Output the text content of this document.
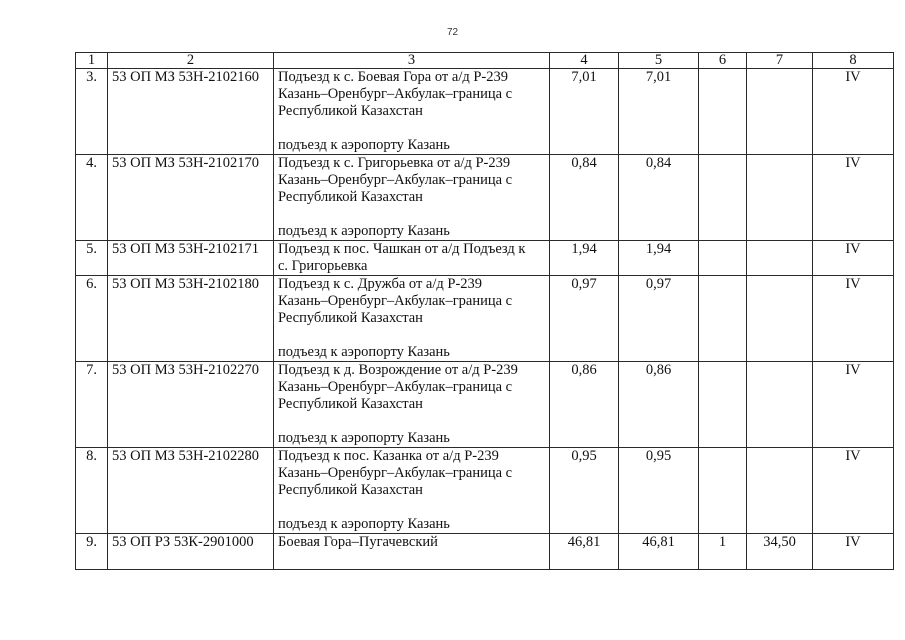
72
1	2	3	4	5	6	7	8
3.	53 ОП МЗ 53Н-2102160	Подъезд к с. Боевая Гора от а/д Р-239
Казань–Оренбург–Акбулак–граница с
Республикой Казахстан
подъезд к аэропорту Казань	7,01	7,01			IV
4.	53 ОП МЗ 53Н-2102170	Подъезд к с. Григорьевка от а/д Р-239
Казань–Оренбург–Акбулак–граница с
Республикой Казахстан
подъезд к аэропорту Казань	0,84	0,84			IV
5.	53 ОП МЗ 53Н-2102171	Подъезд к пос. Чашкан от а/д Подъезд к
с. Григорьевка	1,94	1,94			IV
6.	53 ОП МЗ 53Н-2102180	Подъезд к с. Дружба от а/д Р-239
Казань–Оренбург–Акбулак–граница с
Республикой Казахстан
подъезд к аэропорту Казань	0,97	0,97			IV
7.	53 ОП МЗ 53Н-2102270	Подъезд к д. Возрождение от а/д Р-239
Казань–Оренбург–Акбулак–граница с
Республикой Казахстан
подъезд к аэропорту Казань	0,86	0,86			IV
8.	53 ОП МЗ 53Н-2102280	Подъезд к пос. Казанка от а/д Р-239
Казань–Оренбург–Акбулак–граница с
Республикой Казахстан
подъезд к аэропорту Казань	0,95	0,95			IV
9.	53 ОП РЗ 53К-2901000	Боевая Гора–Пугачевский	46,81	46,81	1	34,50	IV
